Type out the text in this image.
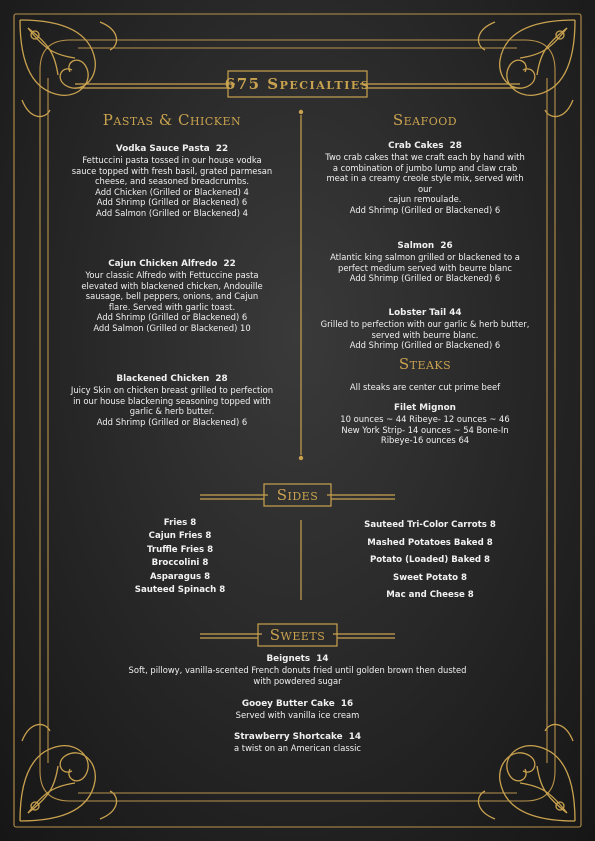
675 Specialties
Pastas & Chicken	Seafood
Steaks
Sides
Sweets
Vodka Sauce Pasta 22
Fettuccini pasta tossed in our house vodka
sauce topped with fresh basil, grated parmesan
cheese, and seasoned breadcrumbs.
Add Chicken (Grilled or Blackened) 4
Add Shrimp (Grilled or Blackened) 6
Add Salmon (Grilled or Blackened) 4
Cajun Chicken Alfredo 22
Your classic Alfredo with Fettuccine pasta
elevated with blackened chicken, Andouille
sausage, bell peppers, onions, and Cajun
flare. Served with garlic toast.
Add Shrimp (Grilled or Blackened) 6
Add Salmon (Grilled or Blackened) 10
Blackened Chicken 28
Juicy Skin on chicken breast grilled to perfection
in our house blackening seasoning topped with
garlic & herb butter.
Add Shrimp (Grilled or Blackened) 6
Crab Cakes 28
Two crab cakes that we craft each by hand with
a combination of jumbo lump and claw crab
meat in a creamy creole style mix, served with
our
cajun remoulade.
Add Shrimp (Grilled or Blackened) 6
Salmon 26
Atlantic king salmon grilled or blackened to a
perfect medium served with beurre blanc
Add Shrimp (Grilled or Blackened) 6
Lobster Tail 44
Grilled to perfection with our garlic & herb butter,
served with beurre blanc.
Add Shrimp (Grilled or Blackened) 6
All steaks are center cut prime beef
Filet Mignon
10 ounces ~ 44 Ribeye- 12 ounces ~ 46
New York Strip- 14 ounces ~ 54 Bone-In
Ribeye-16 ounces 64
Fries 8
Cajun Fries 8
Truffle Fries 8
Broccolini 8
Asparagus 8
Sauteed Spinach 8
Sauteed Tri-Color Carrots 8
Mashed Potatoes Baked 8
Potato (Loaded) Baked 8
Sweet Potato 8
Mac and Cheese 8
Beignets 14
Soft, pillowy, vanilla-scented French donuts fried until golden brown then dusted
with powdered sugar
Gooey Butter Cake 16
Served with vanilla ice cream
Strawberry Shortcake 14
a twist on an American classic
